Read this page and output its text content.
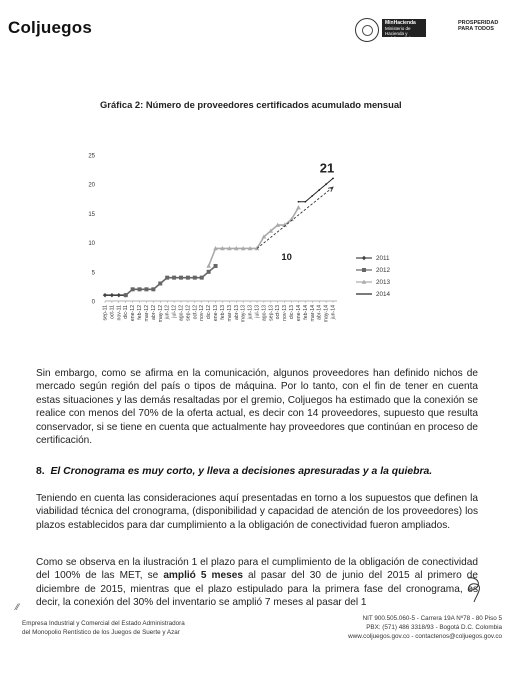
Coljuegos	MinHacienda
Ministerio de Hacienda y Crédito Público
PROSPERIDAD PARA TODOS
Gráfica 2: Número de proveedores certificados acumulado mensual
0
5
10
15
20
25
sep-11 oct-11 nov-11 dic-11 ene-12 feb-12 mar-12 abr-12 may-12 jun-12 jul-12 ago-12 sep-12 oct-12 nov-12 dic-12 ene-13 feb-13 mar-13 abr-13 may-13 jun-13 jul-13 ago-13 sep-13 oct-13 nov-13 dic-13 ene-14 feb-14 mar-14 abr-14 may-14 jun-14
21
10	2011
2012
2013
2014
Sin embargo, como se afirma en la comunicación, algunos proveedores han definido nichos de mercado según región del país o tipos de máquina. Por lo tanto, con el fin de tener en cuenta estas situaciones y las demás resaltadas por el gremio, Coljuegos ha estimado que la conexión se realice con menos del 70% de la oferta actual, es decir con 14 proveedores, supuesto que resulta conservador, si se tiene en cuenta que actualmente hay proveedores que continúan en proceso de certificación.
8. El Cronograma es muy corto, y lleva a decisiones apresuradas y a la quiebra.
Teniendo en cuenta las consideraciones aquí presentadas en torno a los supuestos que definen la viabilidad técnica del cronograma, (disponibilidad y capacidad de atención de los proveedores) los plazos establecidos para dar cumplimiento a la obligación de conectividad fueron ampliados.
Como se observa en la ilustración 1 el plazo para el cumplimiento de la obligación de conectividad del 100% de las MET, se amplió 5 meses al pasar del 30 de junio del 2015 al primero de diciembre de 2015, mientras que el plazo estipulado para la primera fase del cronograma, es decir, la conexión del 30% del inventario se amplió 7 meses al pasar del 1
⁄⁄
Empresa Industrial y Comercial del Estado Administradora
del Monopolio Rentístico de los Juegos de Suerte y Azar
NIT 900.505.060-5 - Carrera 19A Nº78 - 80 Piso 5
PBX: (571) 486 3318/93 - Bogotá D.C. Colombia
www.coljuegos.gov.co - contactenos@coljuegos.gov.co
